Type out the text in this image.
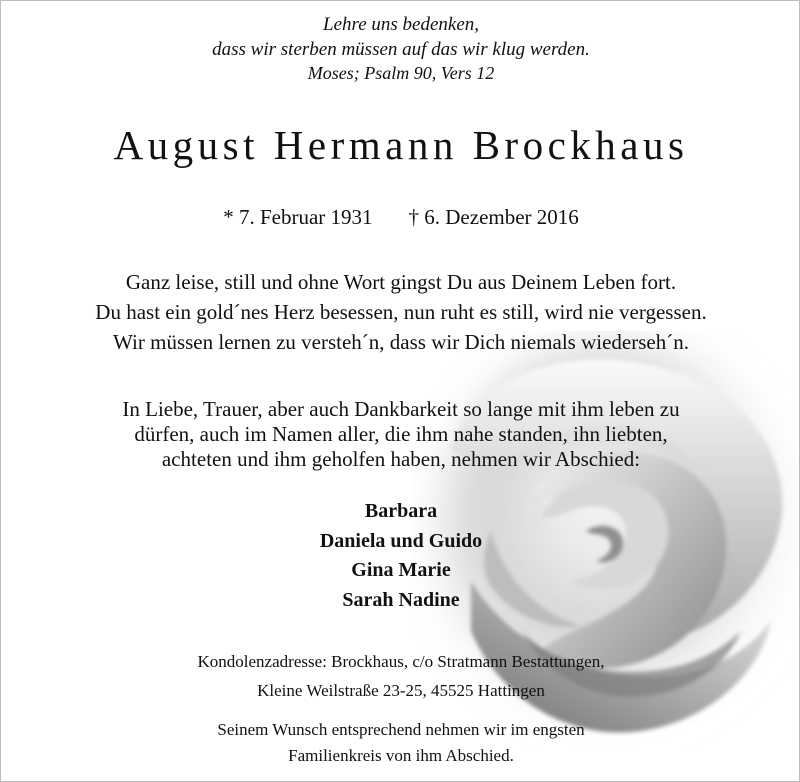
Lehre uns bedenken,
dass wir sterben müssen auf das wir klug werden.
Moses; Psalm 90, Vers 12
August Hermann Brockhaus
* 7. Februar 1931 † 6. Dezember 2016
Ganz leise, still und ohne Wort gingst Du aus Deinem Leben fort.
Du hast ein gold´nes Herz besessen, nun ruht es still, wird nie vergessen.
Wir müssen lernen zu versteh´n, dass wir Dich niemals wiederseh´n.
In Liebe, Trauer, aber auch Dankbarkeit so lange mit ihm leben zu
dürfen, auch im Namen aller, die ihm nahe standen, ihn liebten,
achteten und ihm geholfen haben, nehmen wir Abschied:
Barbara
Daniela und Guido
Gina Marie
Sarah Nadine
Kondolenzadresse: Brockhaus, c/o Stratmann Bestattungen,
Kleine Weilstraße 23-25, 45525 Hattingen
Seinem Wunsch entsprechend nehmen wir im engsten
Familienkreis von ihm Abschied.
